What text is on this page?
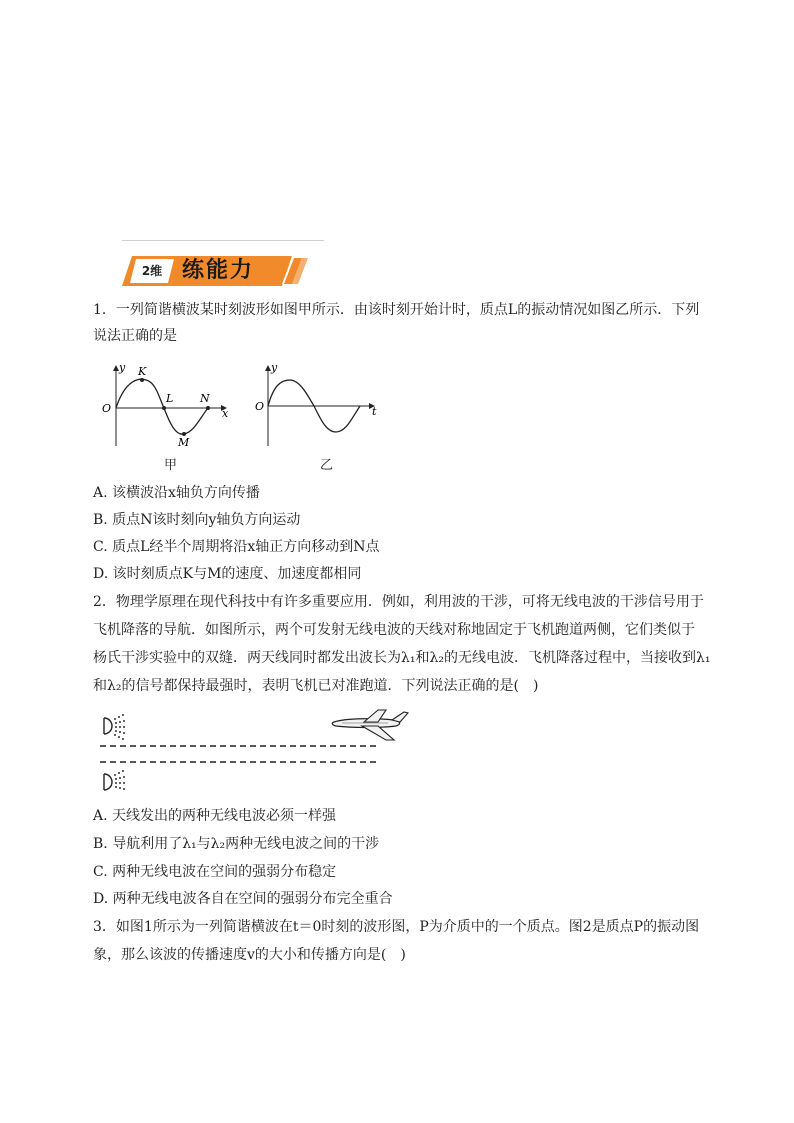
2维 练能力
1．一列简谐横波某时刻波形如图甲所示．由该时刻开始计时，质点L的振动情况如图乙所示．下列
说法正确的是
y
x
O
K
L
M
N
甲
y
t
O
乙
A. 该横波沿x轴负方向传播
B. 质点N该时刻向y轴负方向运动
C. 质点L经半个周期将沿x轴正方向移动到N点
D. 该时刻质点K与M的速度、加速度都相同
2．物理学原理在现代科技中有许多重要应用．例如，利用波的干涉，可将无线电波的干涉信号用于
飞机降落的导航．如图所示，两个可发射无线电波的天线对称地固定于飞机跑道两侧，它们类似于
杨氏干涉实验中的双缝．两天线同时都发出波长为λ₁和λ₂的无线电波．飞机降落过程中，当接收到λ₁
和λ₂的信号都保持最强时，表明飞机已对准跑道．下列说法正确的是(　)
A. 天线发出的两种无线电波必须一样强
B. 导航利用了λ₁与λ₂两种无线电波之间的干涉
C. 两种无线电波在空间的强弱分布稳定
D. 两种无线电波各自在空间的强弱分布完全重合
3．如图1所示为一列简谐横波在t＝0时刻的波形图，P为介质中的一个质点。图2是质点P的振动图
象，那么该波的传播速度v的大小和传播方向是(　)
